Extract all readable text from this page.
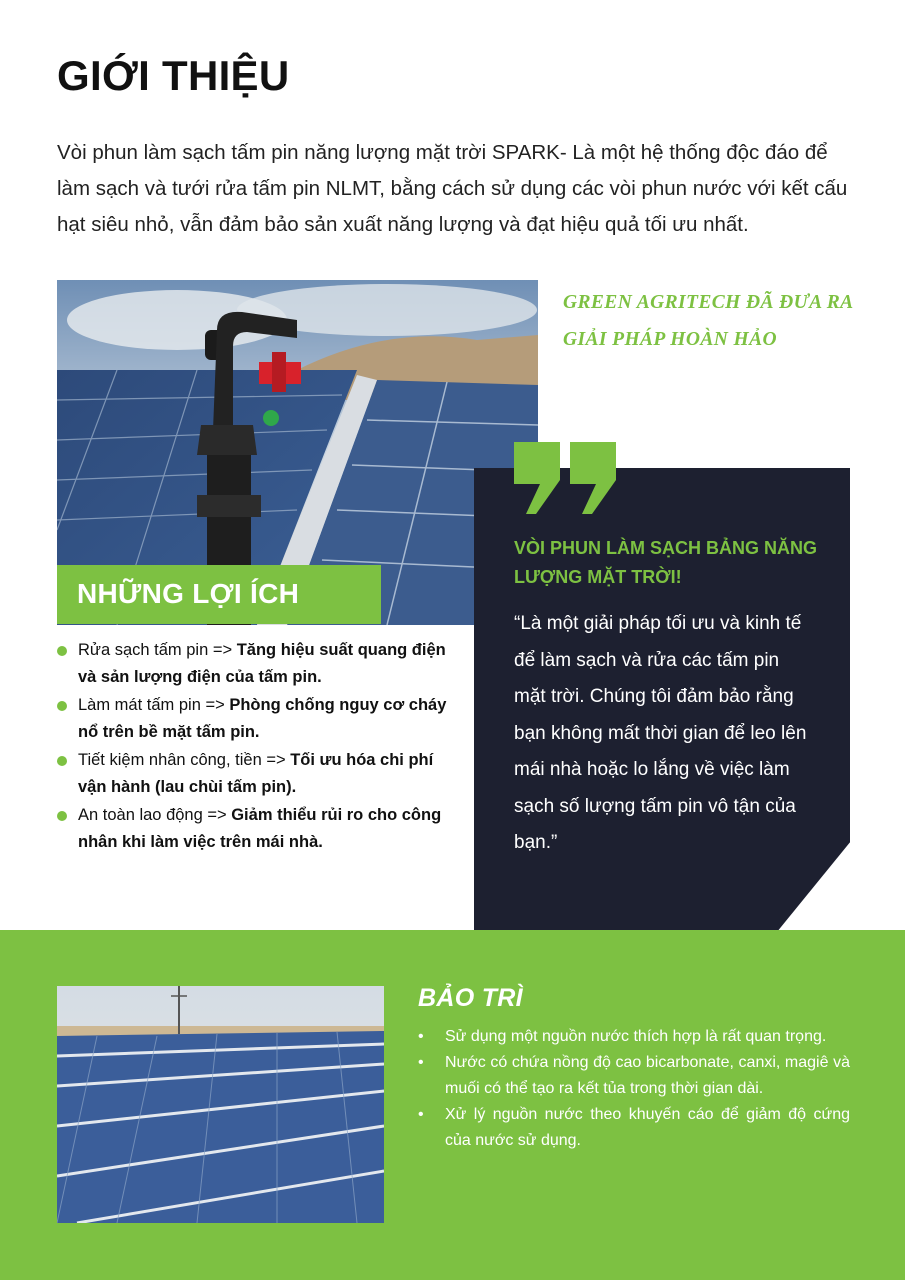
GIỚI THIỆU

Vòi phun làm sạch tấm pin năng lượng mặt trời SPARK- Là một hệ thống độc đáo để làm sạch và tưới rửa tấm pin NLMT, bằng cách sử dụng các vòi phun nước với kết cấu hạt siêu nhỏ, vẫn đảm bảo sản xuất năng lượng và đạt hiệu quả tối ưu nhất.

GREEN AGRITECH ĐÃ ĐƯA RA
GIẢI PHÁP HOÀN HẢO
NHỮNG LỢI ÍCH
Rửa sạch tấm pin => Tăng hiệu suất quang điện và sản lượng điện của tấm pin.
Làm mát tấm pin => Phòng chống nguy cơ cháy nổ trên bề mặt tấm pin.
Tiết kiệm nhân công, tiền => Tối ưu hóa chi phí vận hành (lau chùi tấm pin).
An toàn lao động => Giảm thiểu rủi ro cho công nhân khi làm việc trên mái nhà.
VÒI PHUN LÀM SẠCH BẢNG NĂNG LƯỢNG MẶT TRỜI!

“Là một giải pháp tối ưu và kinh tế để làm sạch và rửa các tấm pin mặt trời. Chúng tôi đảm bảo rằng bạn không mất thời gian để leo lên mái nhà hoặc lo lắng về việc làm sạch số lượng tấm pin vô tận của bạn.”

BẢO TRÌ
• Sử dụng một nguồn nước thích hợp là rất quan trọng.
• Nước có chứa nồng độ cao bicarbonate, canxi, magiê và muối có thể tạo ra kết tủa trong thời gian dài.
• Xử lý nguồn nước theo khuyến cáo để giảm độ cứng của nước sử dụng.
